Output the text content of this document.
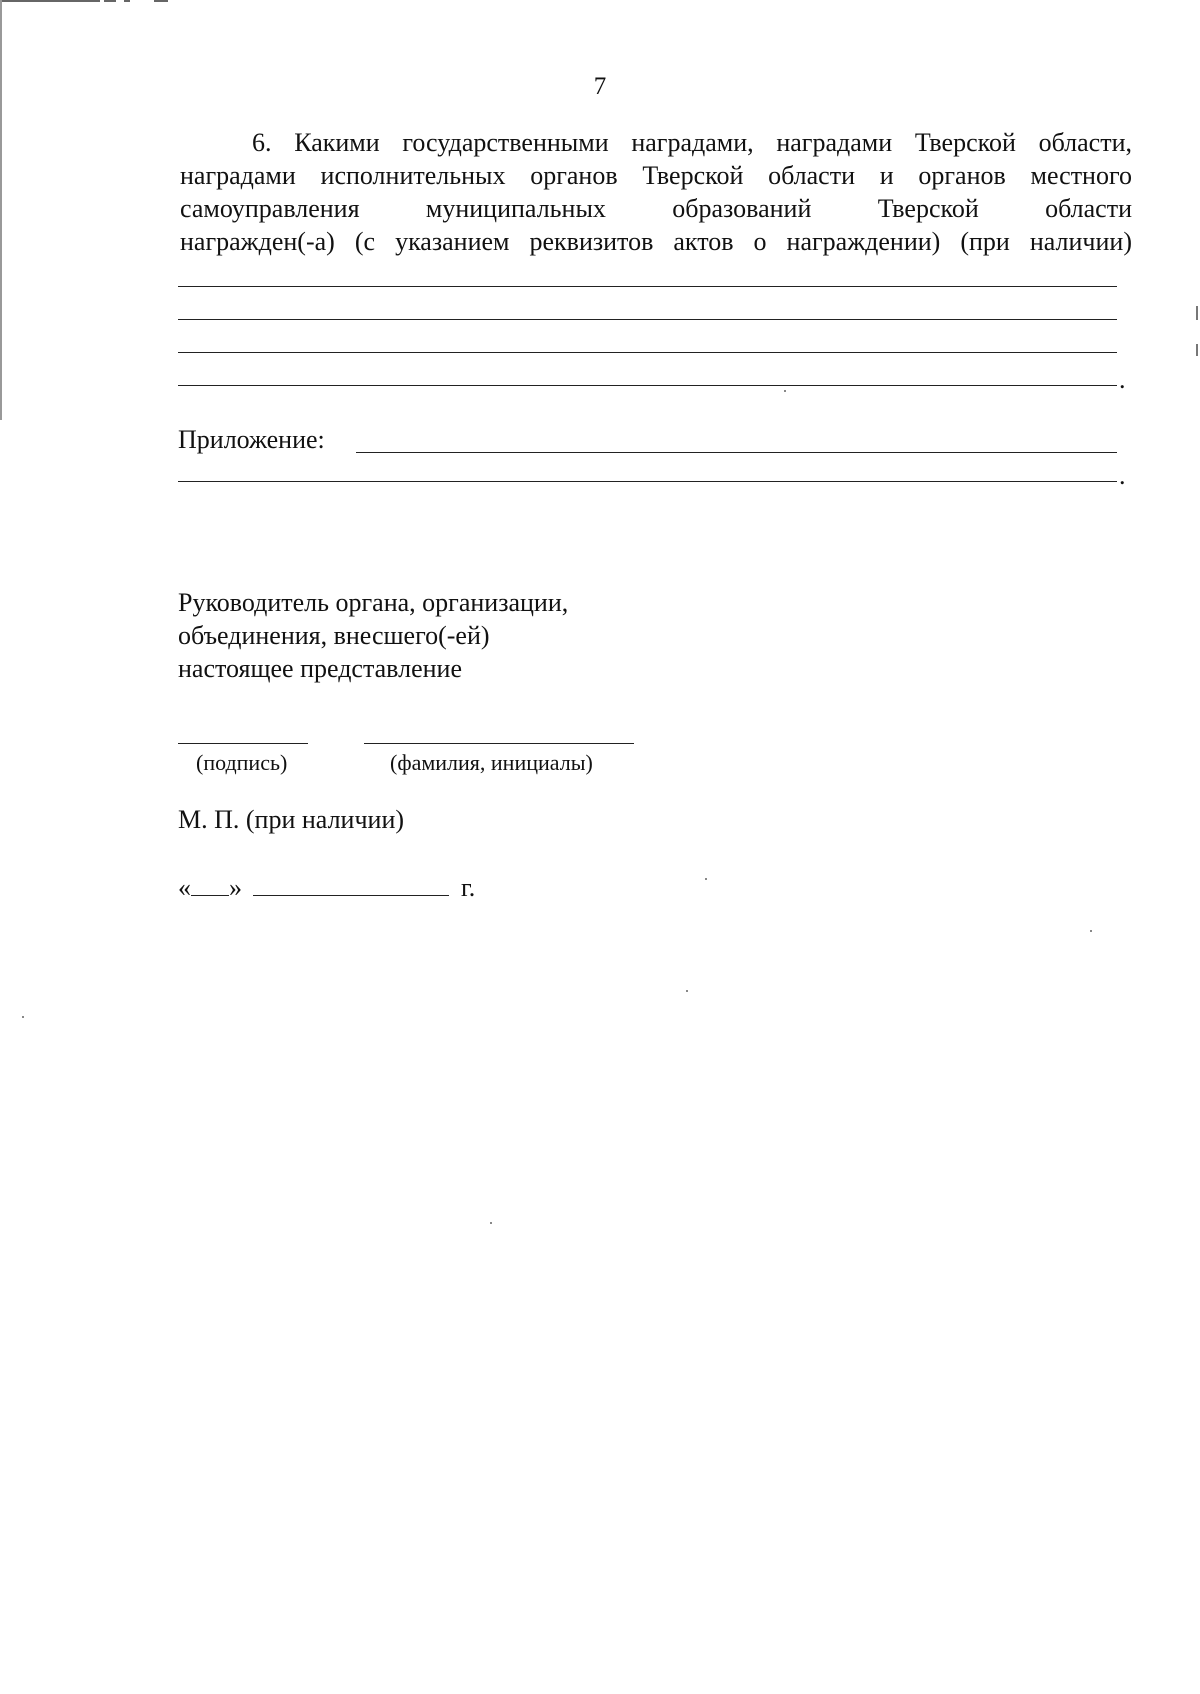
7
6. Какими государственными наградами, наградами Тверской области,
наградами исполнительных органов Тверской области и органов местного
самоуправления муниципальных образований Тверской области
награжден(-а) (с указанием реквизитов актов о награждении) (при наличии)
.
Приложение:
.
Руководитель органа, организации,
объединения, внесшего(-ей)
настоящее представление
(подпись)	(фамилия, инициалы)
М. П. (при наличии)
« »	г.
